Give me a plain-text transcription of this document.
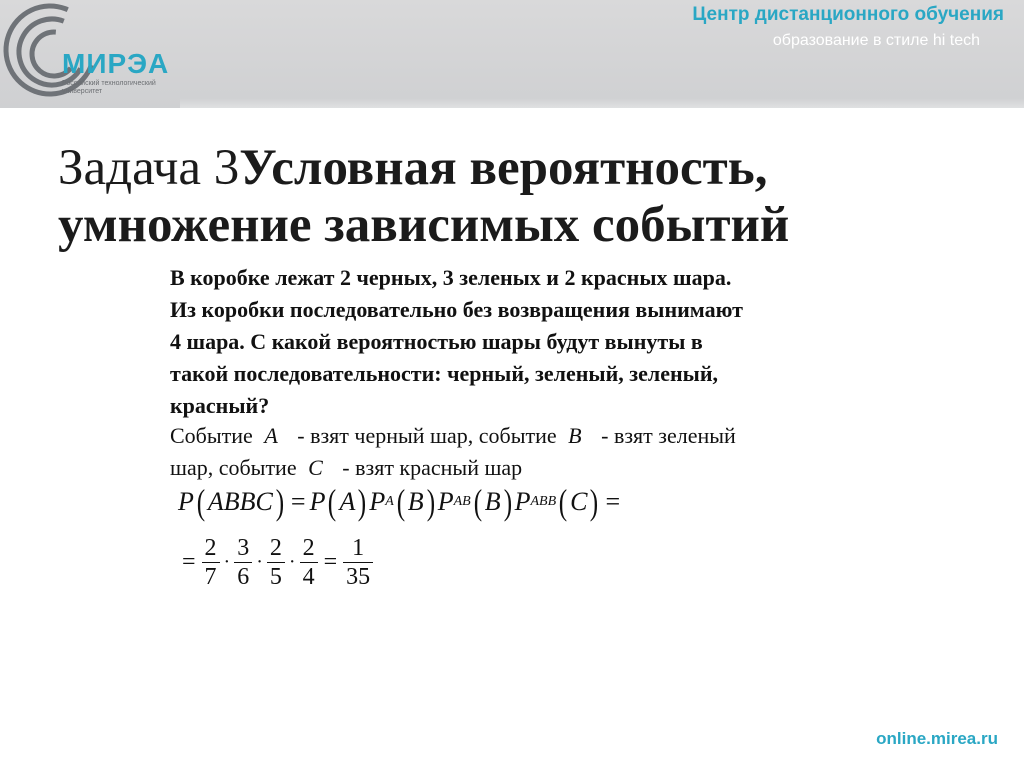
МИРЭА
Российский технологический университет
Центр дистанционного обучения
образование в стиле hi tech
Задача 3Условная вероятность, умножение зависимых событий

В коробке лежат 2 черных, 3 зеленых и 2 красных шара.

Из коробки последовательно без возвращения вынимают

4 шара. С какой вероятностью шары будут вынуты в

такой последовательности: черный, зеленый, зеленый,

красный?

Событие A - взят черный шар, событие B - взят зеленый

шар, событие C - взят красный шар

P ( ABBC ) = P ( A ) P A ( B ) P AB ( B ) P ABB ( C ) =
= $\frac{2}{7} \cdot \frac{3}{6} \cdot \frac{2}{5} \cdot \frac{2}{4} = \frac{1}{35}$
online.mirea.ru
